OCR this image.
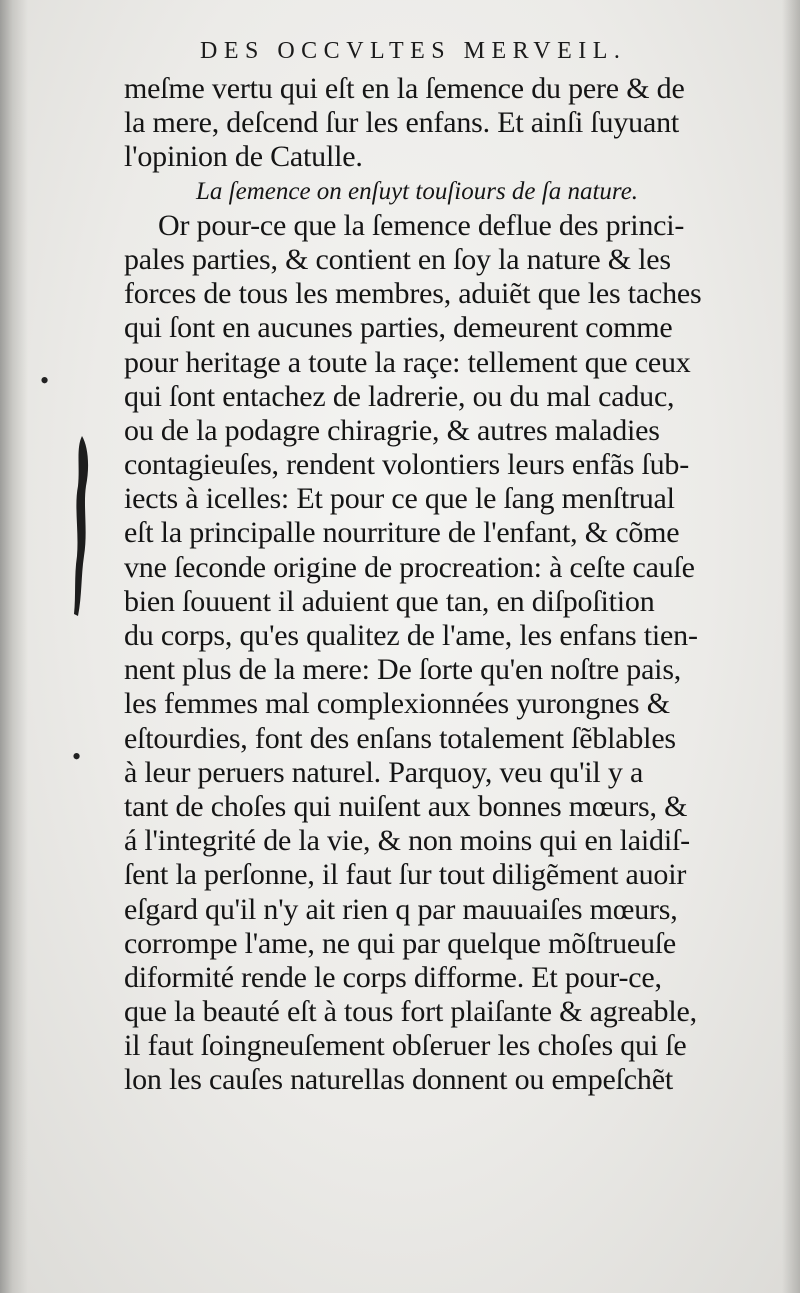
•
•
DES OCCVLTES MERVEIL.
meſme vertu qui eſt en la ſemence du pere & de
la mere, deſcend ſur les enfans. Et ainſi ſuyuant
l'opinion de Catulle.
La ſemence on enſuyt touſiours de ſa nature.
Or pour-ce que la ſemence deflue des princi-
pales parties, & contient en ſoy la nature & les
forces de tous les membres, aduiẽt que les taches
qui ſont en aucunes parties, demeurent comme
pour heritage a toute la raçe: tellement que ceux
qui ſont entachez de ladrerie, ou du mal caduc,
ou de la podagre chiragrie, & autres maladies
contagieuſes, rendent volontiers leurs enfãs ſub-
iects à icelles: Et pour ce que le ſang menſtrual
eſt la principalle nourriture de l'enfant, & cõme
vne ſeconde origine de procreation: à ceſte cauſe
bien ſouuent il aduient que tan, en diſpoſition
du corps, qu'es qualitez de l'ame, les enfans tien-
nent plus de la mere: De ſorte qu'en noſtre pais,
les femmes mal complexionnées yurongnes &
eſtourdies, font des enſans totalement ſẽblables
à leur peruers naturel. Parquoy, veu qu'il y a
tant de choſes qui nuiſent aux bonnes mœurs, &
á l'integrité de la vie, & non moins qui en laidiſ-
ſent la perſonne, il faut ſur tout diligẽment auoir
eſgard qu'il n'y ait rien q par mauuaiſes mœurs,
corrompe l'ame, ne qui par quelque mõſtrueuſe
diformité rende le corps difforme. Et pour-ce,
que la beauté eſt à tous fort plaiſante & agreable,
il faut ſoingneuſement obſeruer les choſes qui ſe
lon les cauſes naturellas donnent ou empeſchẽt
